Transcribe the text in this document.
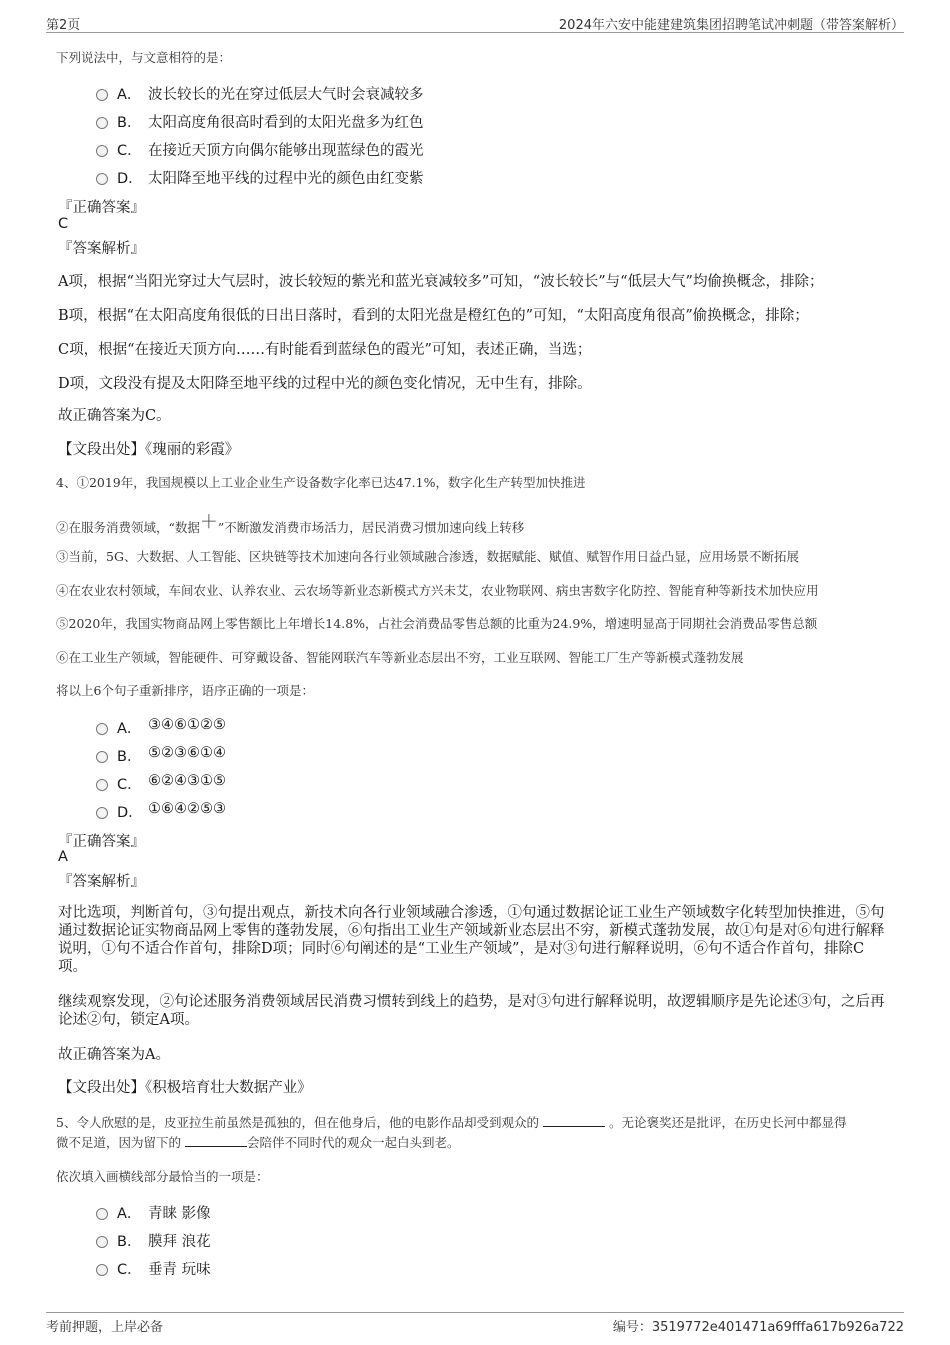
第2页	2024年六安中能建建筑集团招聘笔试冲刺题（带答案解析）
下列说法中，与文意相符的是：
A． 波长较长的光在穿过低层大气时会衰减较多
B． 太阳高度角很高时看到的太阳光盘多为红色
C． 在接近天顶方向偶尔能够出现蓝绿色的霞光
D． 太阳降至地平线的过程中光的颜色由红变紫
『正确答案』
C
『答案解析』
A项，根据“当阳光穿过大气层时，波长较短的紫光和蓝光衰减较多”可知，“波长较长”与“低层大气”均偷换概念，排除；
B项，根据“在太阳高度角很低的日出日落时，看到的太阳光盘是橙红色的”可知，“太阳高度角很高”偷换概念，排除；
C项，根据“在接近天顶方向……有时能看到蓝绿色的霞光”可知，表述正确，当选；
D项，文段没有提及太阳降至地平线的过程中光的颜色变化情况，无中生有，排除。
故正确答案为C。
【文段出处】《瑰丽的彩霞》
4、①2019年，我国规模以上工业企业生产设备数字化率已达47.1%，数字化生产转型加快推进
②在服务消费领域，“数据＋”不断激发消费市场活力，居民消费习惯加速向线上转移
③当前，5G、大数据、人工智能、区块链等技术加速向各行业领域融合渗透，数据赋能、赋值、赋智作用日益凸显，应用场景不断拓展
④在农业农村领域，车间农业、认养农业、云农场等新业态新模式方兴未艾，农业物联网、病虫害数字化防控、智能育种等新技术加快应用
⑤2020年，我国实物商品网上零售额比上年增长14.8%，占社会消费品零售总额的比重为24.9%，增速明显高于同期社会消费品零售总额
⑥在工业生产领域，智能硬件、可穿戴设备、智能网联汽车等新业态层出不穷，工业互联网、智能工厂生产等新模式蓬勃发展
将以上6个句子重新排序，语序正确的一项是：
A． ③④⑥①②⑤
B． ⑤②③⑥①④
C． ⑥②④③①⑤
D． ①⑥④②⑤③
『正确答案』
A
『答案解析』
对比选项，判断首句，③句提出观点，新技术向各行业领域融合渗透，①句通过数据论证工业生产领域数字化转型加快推进，⑤句通过数据论证实物商品网上零售的蓬勃发展，⑥句指出工业生产领域新业态层出不穷，新模式蓬勃发展，故①句是对⑥句进行解释说明，①句不适合作首句，排除D项；同时⑥句阐述的是“工业生产领域”，是对③句进行解释说明，⑥句不适合作首句，排除C项。
继续观察发现，②句论述服务消费领域居民消费习惯转到线上的趋势，是对③句进行解释说明，故逻辑顺序是先论述③句，之后再论述②句，锁定A项。
故正确答案为A。
【文段出处】《积极培育壮大数据产业》
5、令人欣慰的是，皮亚拉生前虽然是孤独的，但在他身后，他的电影作品却受到观众的	。无论褒奖还是批评，在历史长河中都显得
微不足道，因为留下的	会陪伴不同时代的观众一起白头到老。
依次填入画横线部分最恰当的一项是：
A． 青睐 影像
B． 膜拜 浪花
C． 垂青 玩味
考前押题，上岸必备	编号：3519772e401471a69fffa617b926a722
